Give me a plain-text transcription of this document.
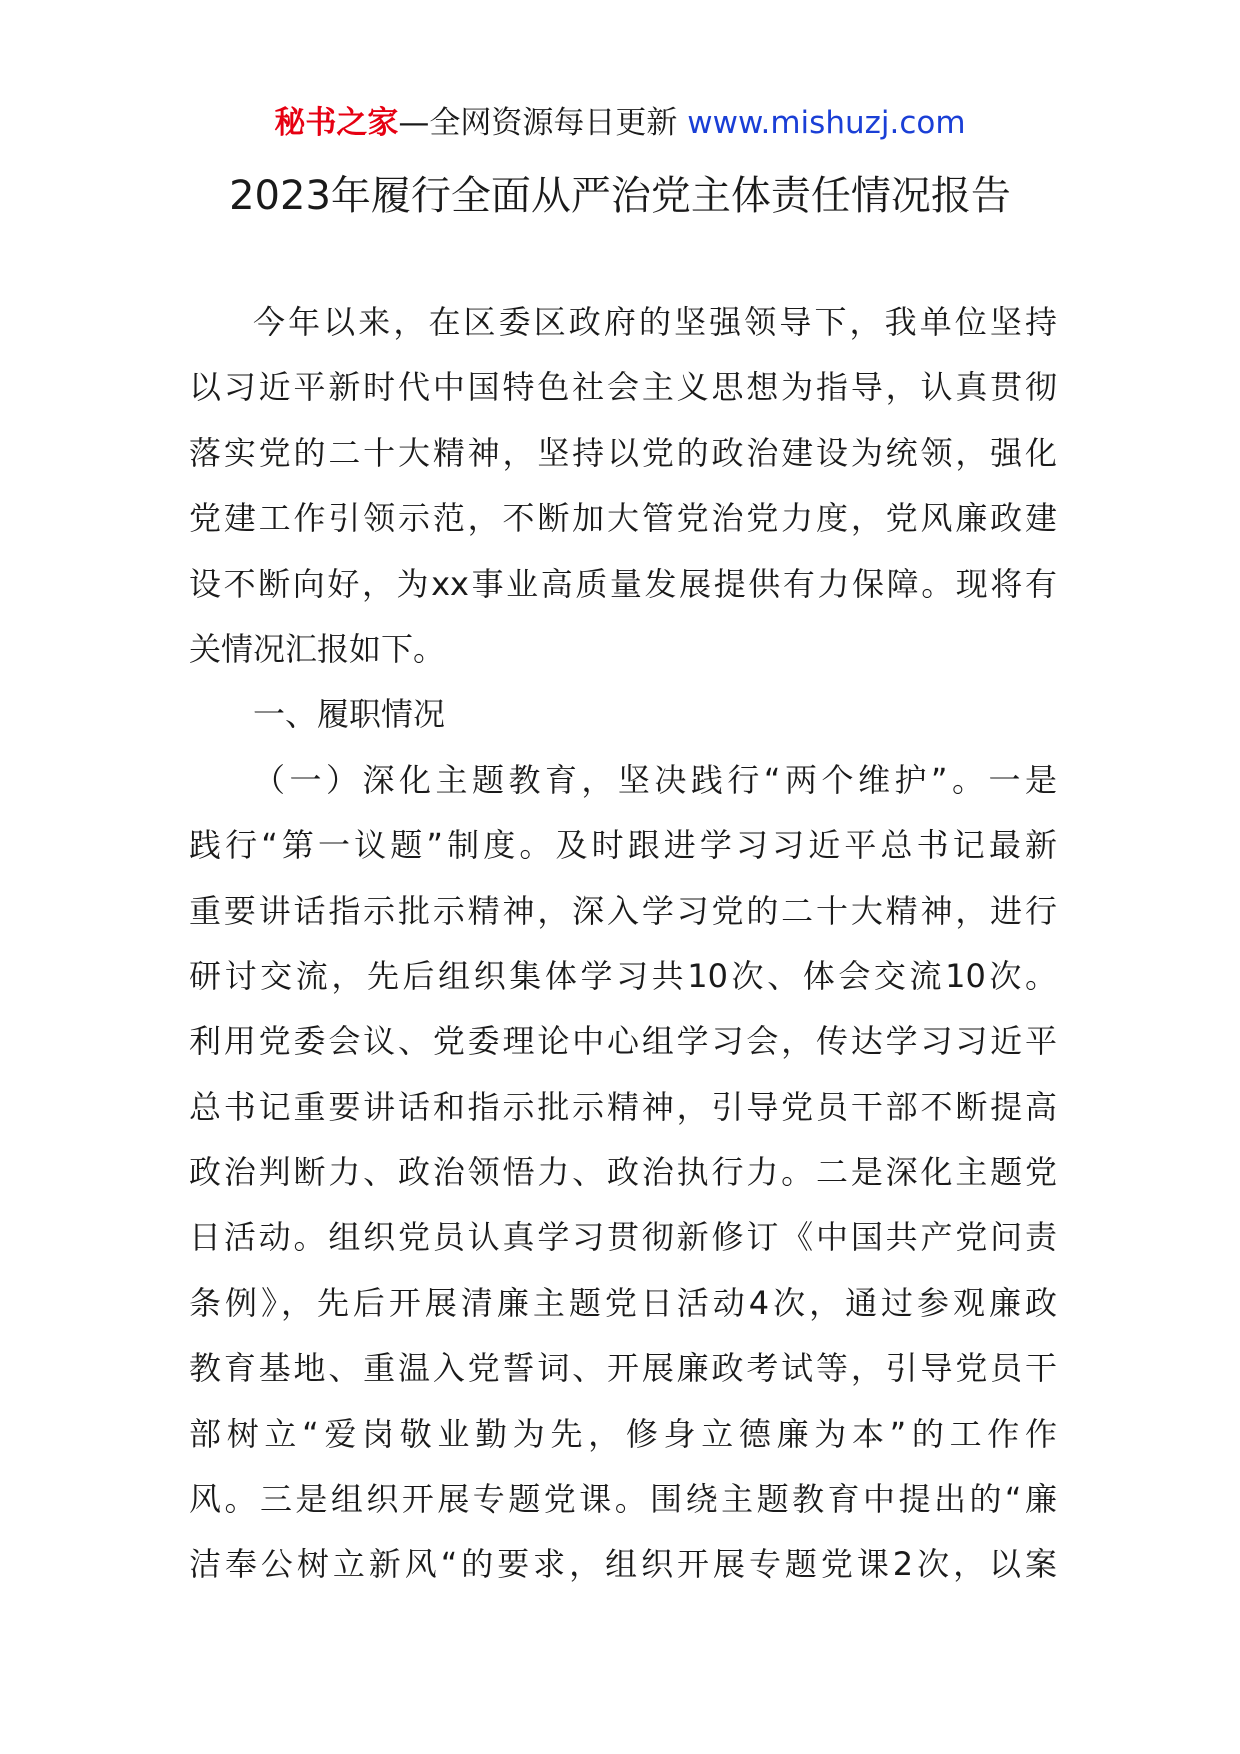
秘书之家—全网资源每日更新 www.mishuzj.com
2023年履行全面从严治党主体责任情况报告
今年以来，在区委区政府的坚强领导下，我单位坚持
以习近平新时代中国特色社会主义思想为指导，认真贯彻
落实党的二十大精神，坚持以党的政治建设为统领，强化
党建工作引领示范，不断加大管党治党力度，党风廉政建
设不断向好，为xx事业高质量发展提供有力保障。现将有
关情况汇报如下。
一、履职情况
（一）深化主题教育，坚决践行“两个维护”。一是
践行“第一议题”制度。及时跟进学习习近平总书记最新
重要讲话指示批示精神，深入学习党的二十大精神，进行
研讨交流，先后组织集体学习共10次、体会交流10次。
利用党委会议、党委理论中心组学习会，传达学习习近平
总书记重要讲话和指示批示精神，引导党员干部不断提高
政治判断力、政治领悟力、政治执行力。二是深化主题党
日活动。组织党员认真学习贯彻新修订《中国共产党问责
条例》，先后开展清廉主题党日活动4次，通过参观廉政
教育基地、重温入党誓词、开展廉政考试等，引导党员干
部树立“爱岗敬业勤为先，修身立德廉为本”的工作作
风。三是组织开展专题党课。围绕主题教育中提出的“廉
洁奉公树立新风“的要求，组织开展专题党课2次，以案
